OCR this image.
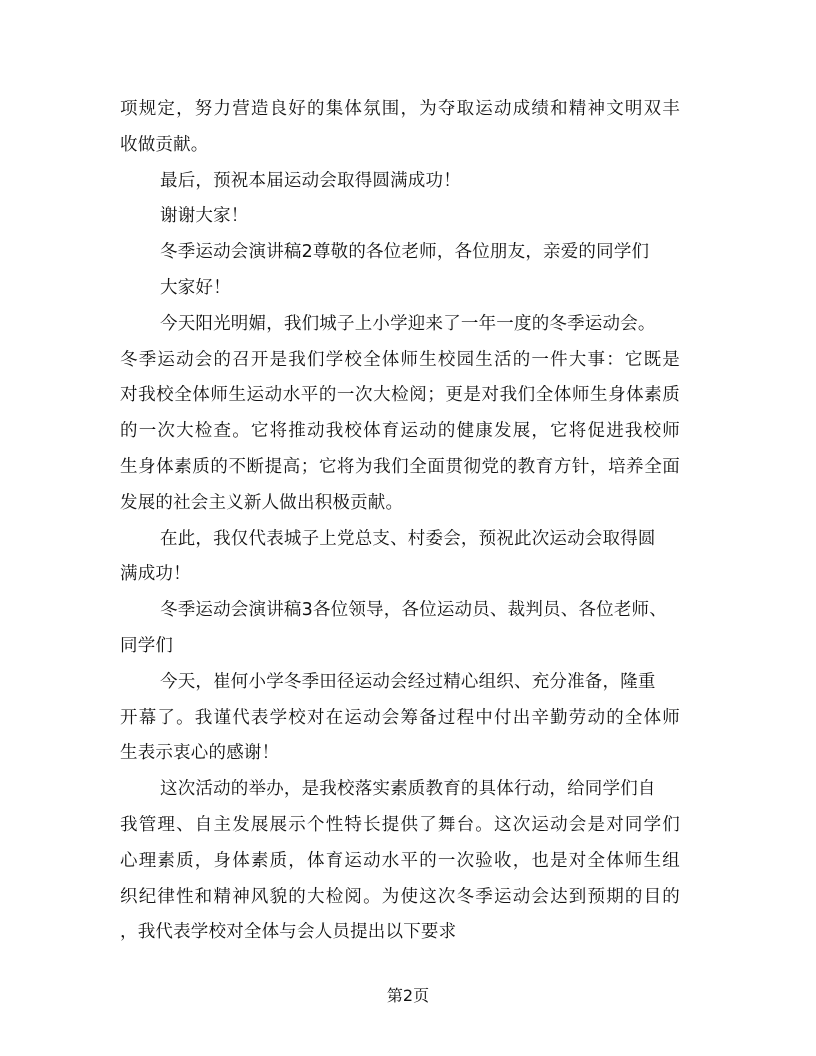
项规定，努力营造良好的集体氛围，为夺取运动成绩和精神文明双丰
收做贡献。
最后，预祝本届运动会取得圆满成功！
谢谢大家！
冬季运动会演讲稿2尊敬的各位老师，各位朋友，亲爱的同学们
大家好！
今天阳光明媚，我们城子上小学迎来了一年一度的冬季运动会。
冬季运动会的召开是我们学校全体师生校园生活的一件大事：它既是
对我校全体师生运动水平的一次大检阅；更是对我们全体师生身体素质
的一次大检查。它将推动我校体育运动的健康发展，它将促进我校师
生身体素质的不断提高；它将为我们全面贯彻党的教育方针，培养全面
发展的社会主义新人做出积极贡献。
在此，我仅代表城子上党总支、村委会，预祝此次运动会取得圆
满成功！
冬季运动会演讲稿3各位领导，各位运动员、裁判员、各位老师、
同学们
今天，崔何小学冬季田径运动会经过精心组织、充分准备，隆重
开幕了。我谨代表学校对在运动会筹备过程中付出辛勤劳动的全体师
生表示衷心的感谢！
这次活动的举办，是我校落实素质教育的具体行动，给同学们自
我管理、自主发展展示个性特长提供了舞台。这次运动会是对同学们
心理素质，身体素质，体育运动水平的一次验收，也是对全体师生组
织纪律性和精神风貌的大检阅。为使这次冬季运动会达到预期的目的
，我代表学校对全体与会人员提出以下要求
第2页
